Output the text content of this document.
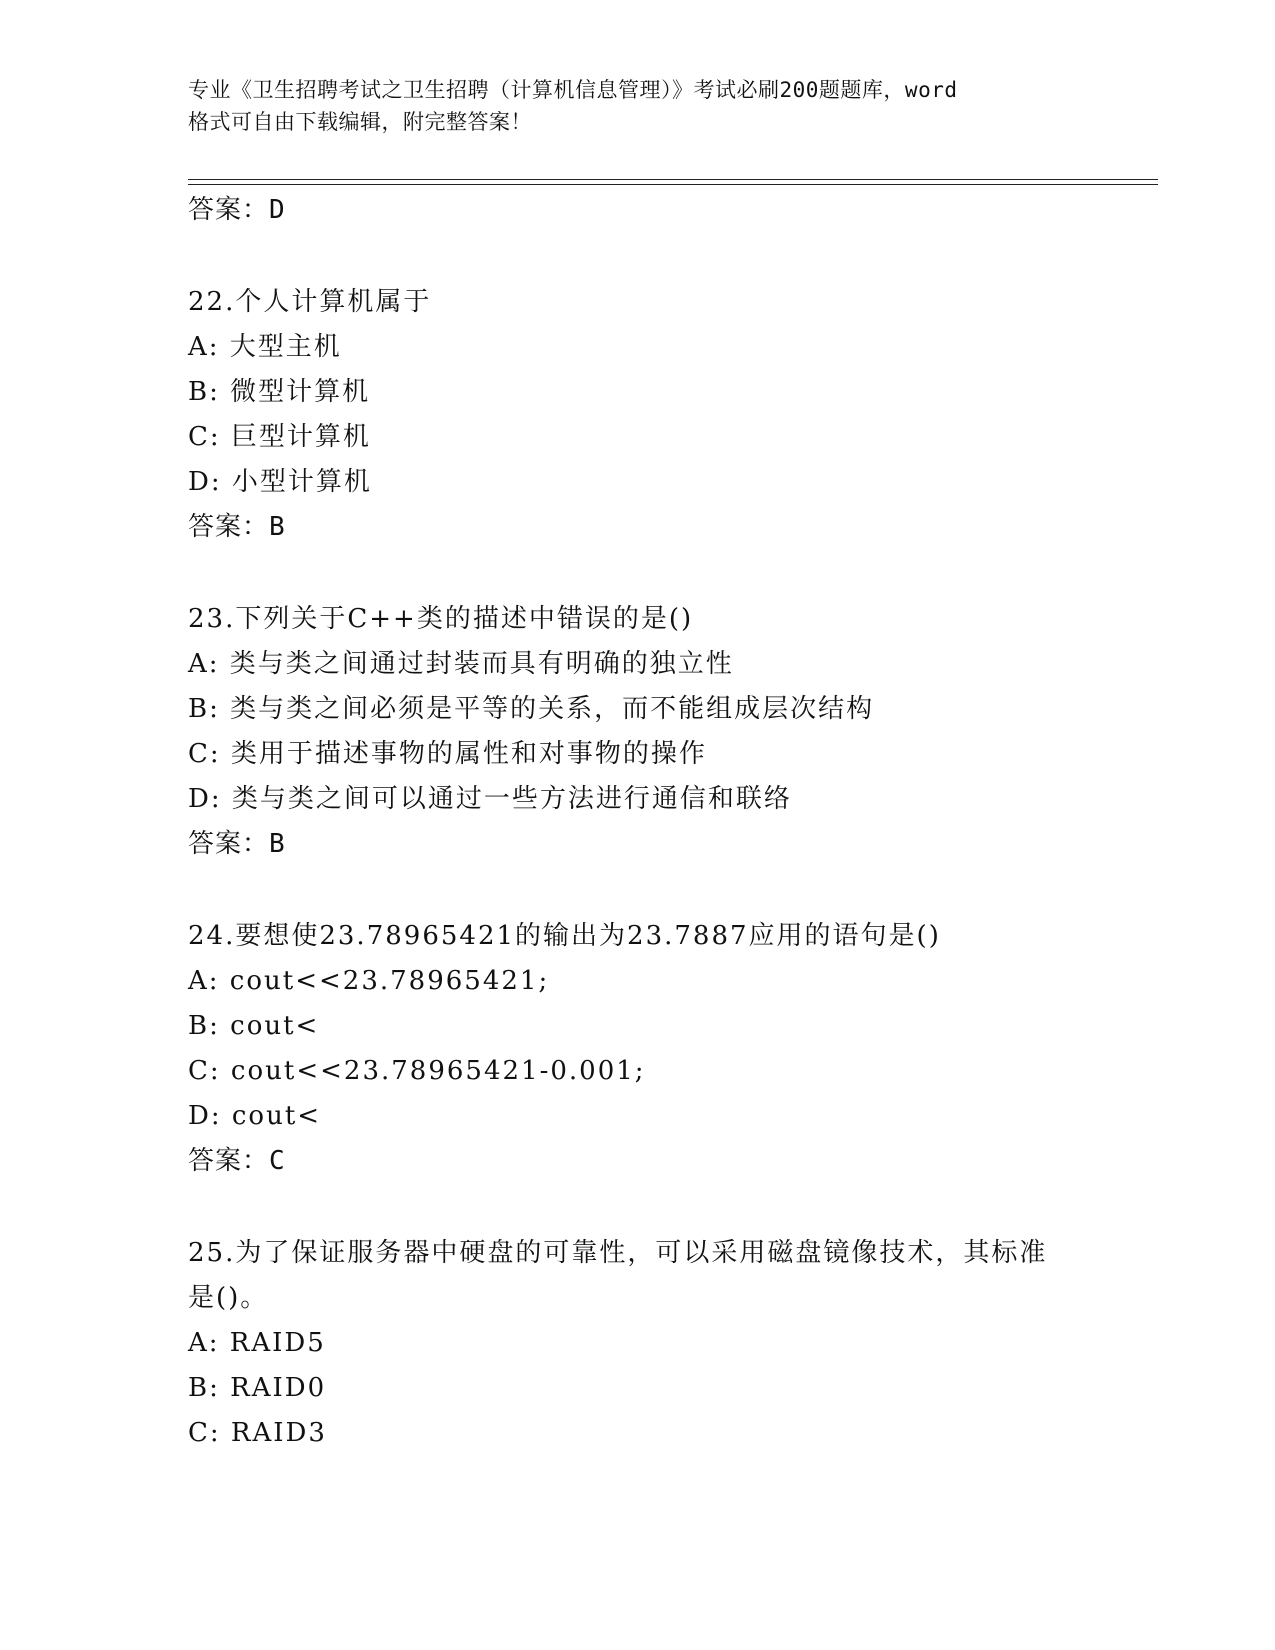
专业《卫生招聘考试之卫生招聘（计算机信息管理）》考试必刷200题题库，word
格式可自由下载编辑，附完整答案！
答案：D
22.个人计算机属于
A: 大型主机
B: 微型计算机
C: 巨型计算机
D: 小型计算机
答案：B
23.下列关于C++类的描述中错误的是()
A: 类与类之间通过封装而具有明确的独立性
B: 类与类之间必须是平等的关系，而不能组成层次结构
C: 类用于描述事物的属性和对事物的操作
D: 类与类之间可以通过一些方法进行通信和联络
答案：B
24.要想使23.78965421的输出为23.7887应用的语句是()
A: cout<<23.78965421;
B: cout<
C: cout<<23.78965421-0.001;
D: cout<
答案：C
25.为了保证服务器中硬盘的可靠性，可以采用磁盘镜像技术，其标准
是()。
A: RAID5
B: RAID0
C: RAID3
